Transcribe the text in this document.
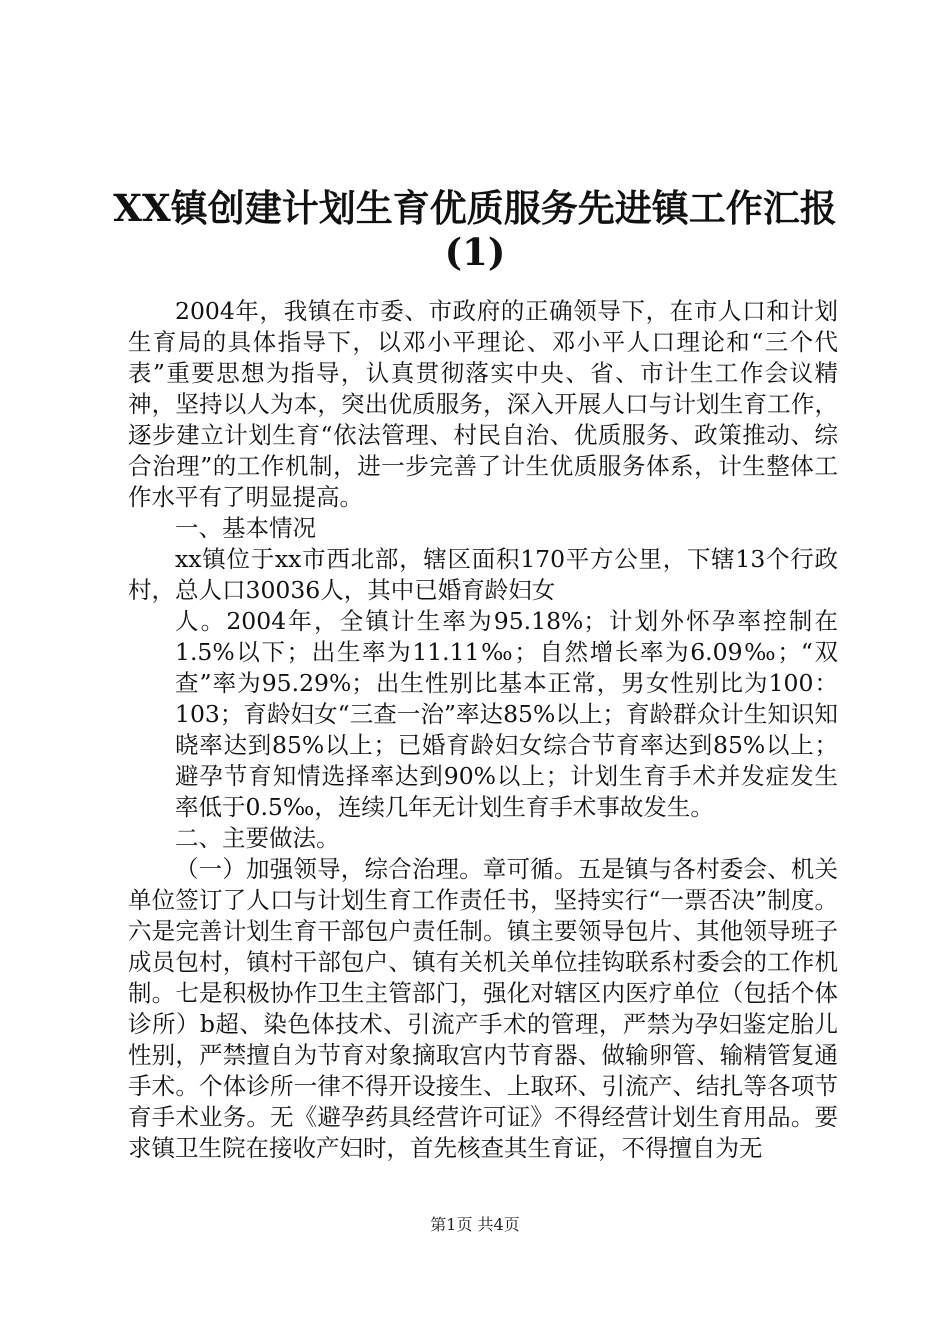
XX镇创建计划生育优质服务先进镇工作汇报
(1)

2004年，我镇在市委、市政府的正确领导下，在市人口和计划生育局的具体指导下，以邓小平理论、邓小平人口理论和“三个代表”重要思想为指导，认真贯彻落实中央、省、市计生工作会议精神，坚持以人为本，突出优质服务，深入开展人口与计划生育工作，逐步建立计划生育“依法管理、村民自治、优质服务、政策推动、综合治理”的工作机制，进一步完善了计生优质服务体系，计生整体工作水平有了明显提高。

一、基本情况

xx镇位于xx市西北部，辖区面积170平方公里，下辖13个行政村，总人口30036人，其中已婚育龄妇女

人。2004年，全镇计生率为95.18%；计划外怀孕率控制在1.5%以下；出生率为11.11‰；自然增长率为6.09‰；“双查”率为95.29%；出生性别比基本正常，男女性别比为100：103；育龄妇女“三查一治”率达85%以上；育龄群众计生知识知晓率达到85%以上；已婚育龄妇女综合节育率达到85%以上；避孕节育知情选择率达到90%以上；计划生育手术并发症发生率低于0.5‰，连续几年无计划生育手术事故发生。

二、主要做法。

（一）加强领导，综合治理。章可循。五是镇与各村委会、机关单位签订了人口与计划生育工作责任书，坚持实行“一票否决”制度。六是完善计划生育干部包户责任制。镇主要领导包片、其他领导班子成员包村，镇村干部包户、镇有关机关单位挂钩联系村委会的工作机制。七是积极协作卫生主管部门，强化对辖区内医疗单位（包括个体诊所）b超、染色体技术、引流产手术的管理，严禁为孕妇鉴定胎儿性别，严禁擅自为节育对象摘取宫内节育器、做输卵管、输精管复通手术。个体诊所一律不得开设接生、上取环、引流产、结扎等各项节育手术业务。无《避孕药具经营许可证》不得经营计划生育用品。要求镇卫生院在接收产妇时，首先核查其生育证，不得擅自为无

第1页 共4页
